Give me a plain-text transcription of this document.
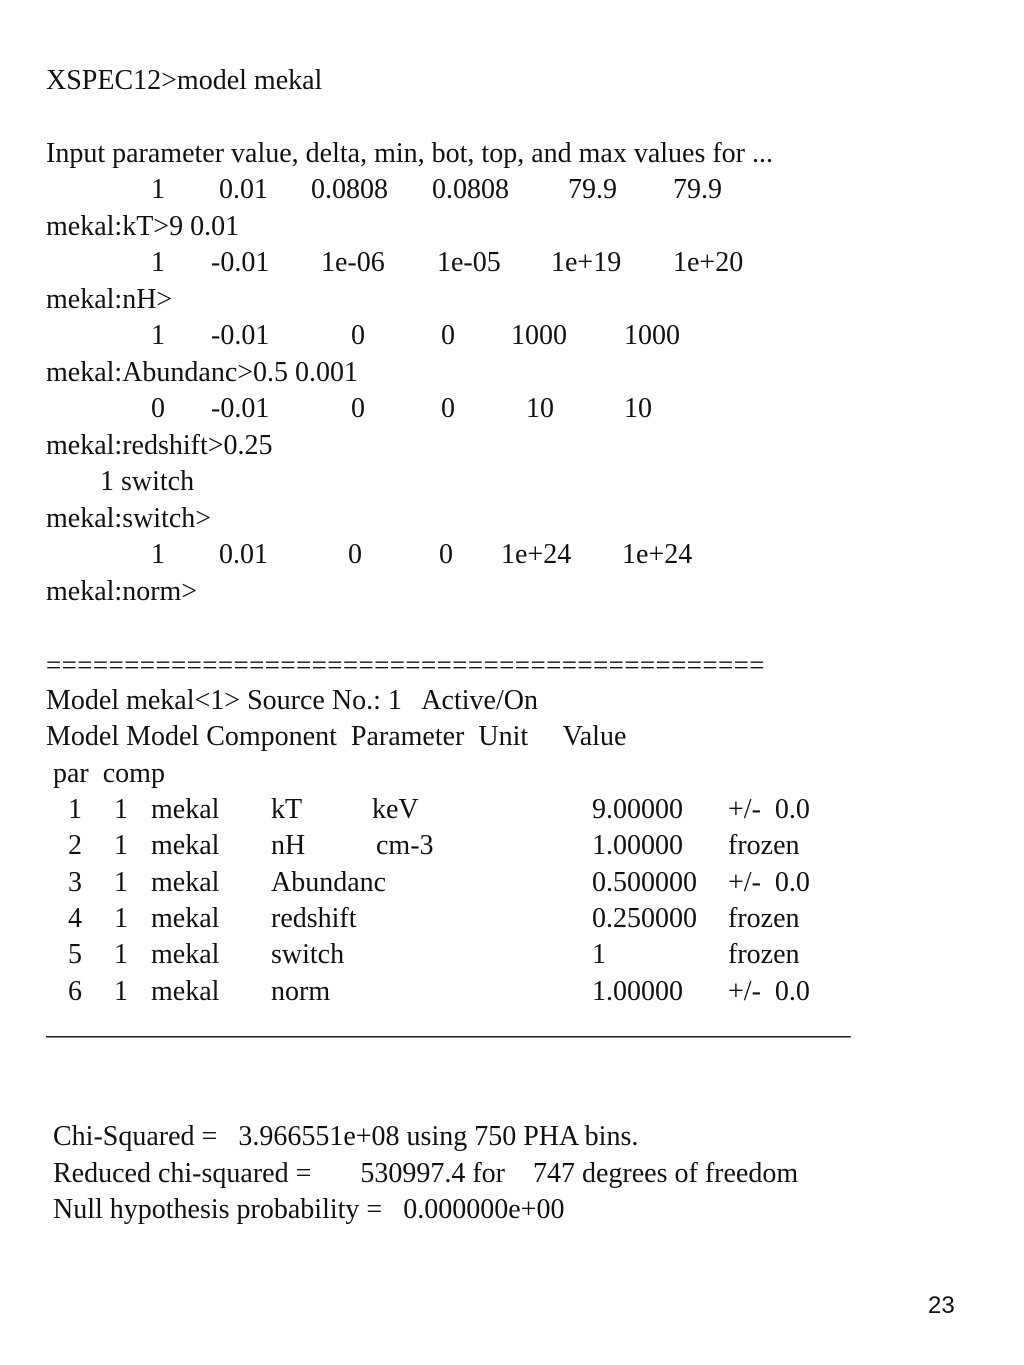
XSPEC12>model mekal
Input parameter value, delta, min, bot, top, and max values for ...
1 0.01 0.0808 0.0808 79.9 79.9
mekal:kT>9 0.01
1 -0.01 1e-06 1e-05 1e+19 1e+20
mekal:nH>
1 -0.01	0	0 1000 1000
mekal:Abundanc>0.5 0.001
0 -0.01	0	0	10	10
mekal:redshift>0.25
1 switch
mekal:switch>
1 0.01	0	0 1e+24 1e+24
mekal:norm>
==============================================
Model mekal<1> Source No.: 1   Active/On
Model Model Component  Parameter  Unit     Value
par  comp
1 1 mekal kT keV	9.00000 +/-  0.0
2 1 mekal nH	cm-3	1.00000 frozen
3 1 mekal Abundanc	0.500000 +/-  0.0
4 1 mekal redshift	0.250000 frozen
5 1 mekal switch	1	frozen
6 1 mekal norm	1.00000 +/-  0.0
____________________________________________________________
Chi-Squared =   3.966551e+08 using 750 PHA bins.
Reduced chi-squared =       530997.4 for    747 degrees of freedom
Null hypothesis probability =   0.000000e+00
23
